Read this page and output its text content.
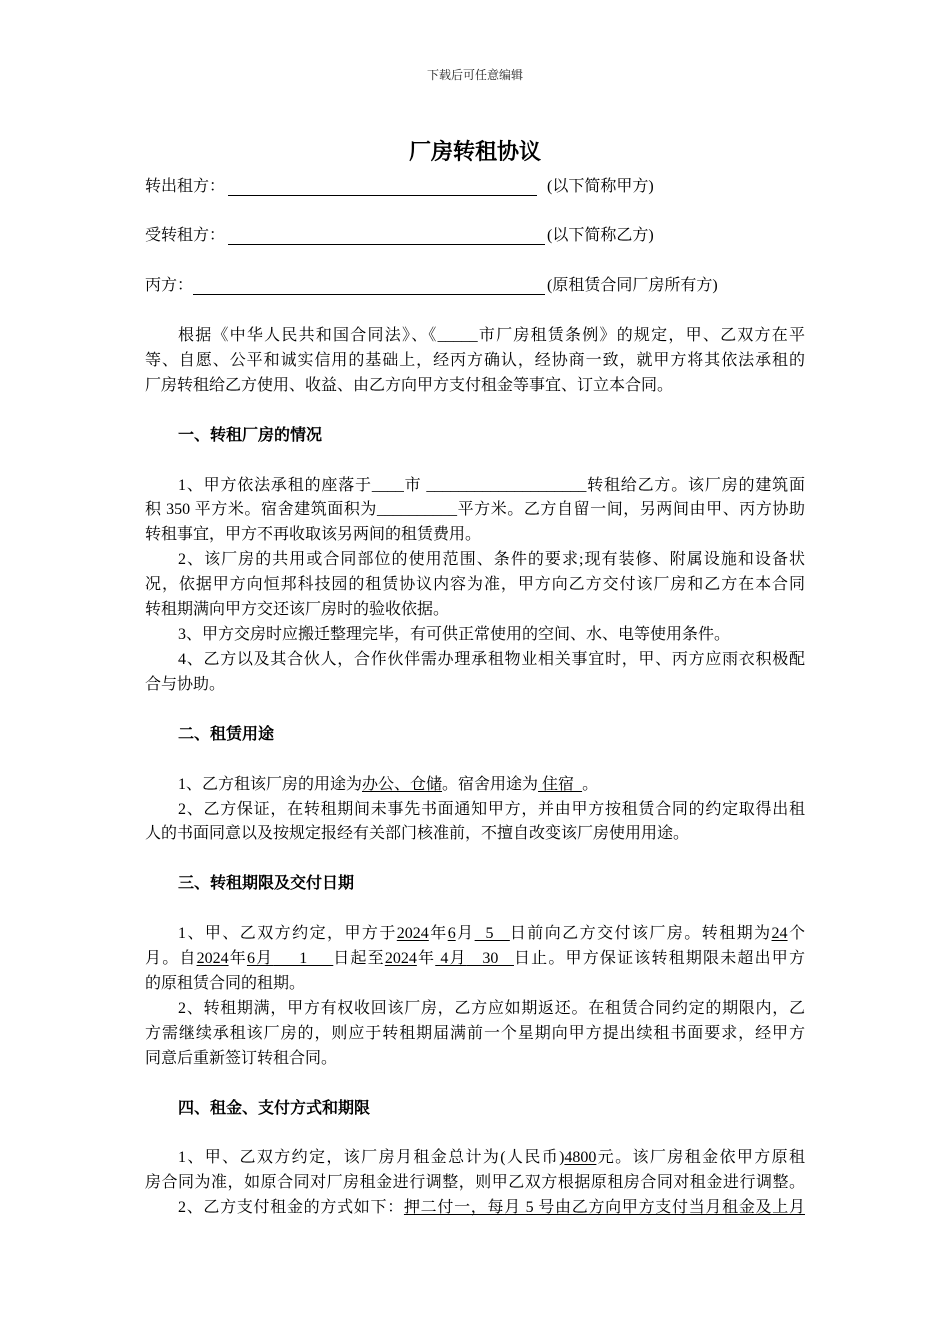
下载后可任意编辑
厂房转租协议
转出租方：	(以下简称甲方)
受转租方：	(以下简称乙方)
丙方：	(原租赁合同厂房所有方)
根据《中华人民共和国合同法》、《_____市厂房租赁条例》的规定，甲、乙双方在平
等、自愿、公平和诚实信用的基础上，经丙方确认，经协商一致，就甲方将其依法承租的
厂房转租给乙方使用、收益、由乙方向甲方支付租金等事宜、订立本合同。
一、转租厂房的情况
1、甲方依法承租的座落于____市 ____________________转租给乙方。该厂房的建筑面
积 350 平方米。宿舍建筑面积为__________平方米。乙方自留一间，另两间由甲、丙方协助
转租事宜，甲方不再收取该另两间的租赁费用。
2、该厂房的共用或合同部位的使用范围、条件的要求;现有装修、附属设施和设备状
况，依据甲方向恒邦科技园的租赁协议内容为准，甲方向乙方交付该厂房和乙方在本合同
转租期满向甲方交还该厂房时的验收依据。
3、甲方交房时应搬迁整理完毕，有可供正常使用的空间、水、电等使用条件。
4、乙方以及其合伙人，合作伙伴需办理承租物业相关事宜时，甲、丙方应雨衣积极配
合与协助。
二、租赁用途
1、乙方租该厂房的用途为办公、仓储。宿舍用途为 住宿  。
2、乙方保证，在转租期间未事先书面通知甲方，并由甲方按租赁合同的约定取得出租
人的书面同意以及按规定报经有关部门核准前，不擅自改变该厂房使用用途。
三、转租期限及交付日期
1、甲、乙双方约定，甲方于2024年6月  5   日前向乙方交付该厂房。转租期为24个
月。自2024年6月     1     日起至2024年 4月   30   日止。甲方保证该转租期限未超出甲方
的原租赁合同的租期。
2、转租期满，甲方有权收回该厂房，乙方应如期返还。在租赁合同约定的期限内，乙
方需继续承租该厂房的，则应于转租期届满前一个星期向甲方提出续租书面要求，经甲方
同意后重新签订转租合同。
四、租金、支付方式和期限
1、甲、乙双方约定，该厂房月租金总计为(人民币)4800元。该厂房租金依甲方原租
房合同为准，如原合同对厂房租金进行调整，则甲乙双方根据原租房合同对租金进行调整。
2、乙方支付租金的方式如下：押二付一，每月 5 号由乙方向甲方支付当月租金及上月
